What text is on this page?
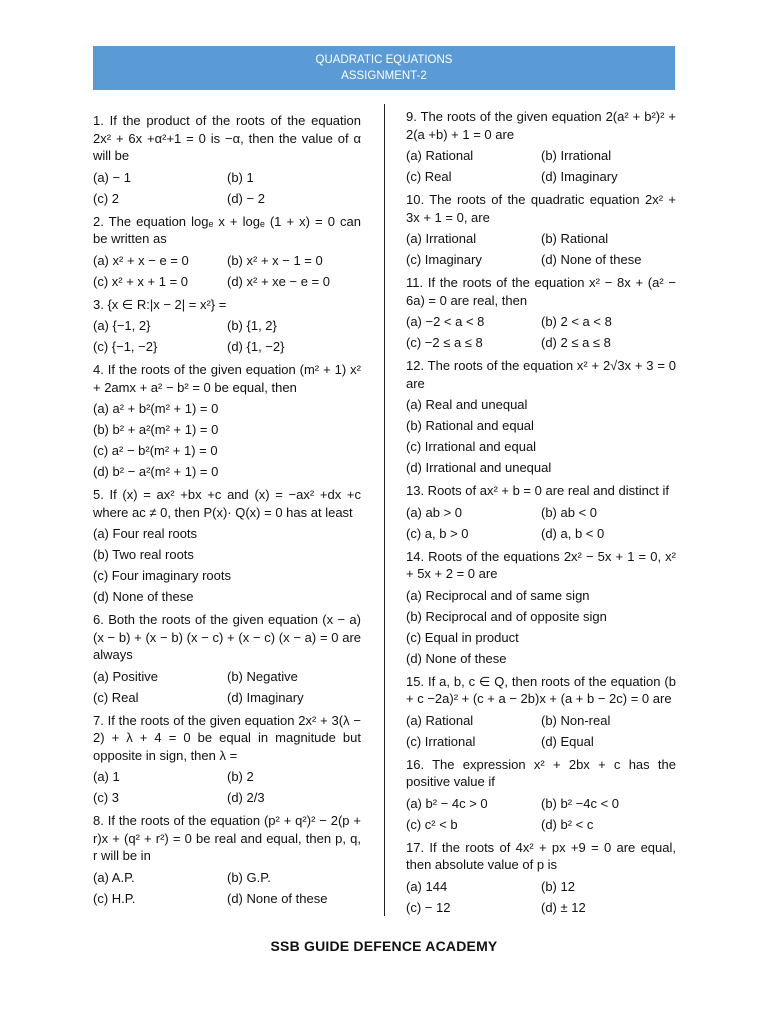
QUADRATIC EQUATIONS
ASSIGNMENT-2

1. If the product of the roots of the equation 2x² + 6x +α²+1 = 0 is −α, then the value of α will be

(a) − 1	(b) 1
(c) 2	(d) − 2

2. The equation logₑ x + logₑ (1 + x) = 0 can be written as

(a) x² + x − e = 0	(b) x² + x − 1 = 0
(c) x² + x + 1 = 0	(d) x² + xe − e = 0

3. {x ∈ R:|x − 2| = x²} =

(a) {−1, 2}	(b) {1, 2}
(c) {−1, −2}	(d) {1, −2}

4. If the roots of the given equation (m² + 1) x² + 2amx + a² − b² = 0 be equal, then

(a) a² + b²(m² + 1) = 0
(b) b² + a²(m² + 1) = 0
(c) a² − b²(m² + 1) = 0
(d) b² − a²(m² + 1) = 0

5. If (x) = ax² +bx +c and (x) = −ax² +dx +c where ac ≠ 0, then P(x)· Q(x) = 0 has at least

(a) Four real roots
(b) Two real roots
(c) Four imaginary roots
(d) None of these

6. Both the roots of the given equation (x − a) (x − b) + (x − b) (x − c) + (x − c) (x − a) = 0 are always

(a) Positive	(b) Negative
(c) Real	(d) Imaginary

7. If the roots of the given equation 2x² + 3(λ − 2) + λ + 4 = 0 be equal in magnitude but opposite in sign, then λ =

(a) 1	(b) 2
(c) 3	(d) 2/3

8. If the roots of the equation (p² + q²)² − 2(p + r)x + (q² + r²) = 0 be real and equal, then p, q, r will be in

(a) A.P.	(b) G.P.
(c) H.P.	(d) None of these

9. The roots of the given equation 2(a² + b²)² + 2(a +b) + 1 = 0 are

(a) Rational	(b) Irrational
(c) Real	(d) Imaginary

10. The roots of the quadratic equation 2x² + 3x + 1 = 0, are

(a) Irrational	(b) Rational
(c) Imaginary	(d) None of these

11. If the roots of the equation x² − 8x + (a² − 6a) = 0 are real, then

(a) −2 < a < 8	(b) 2 < a < 8
(c) −2 ≤ a ≤ 8	(d) 2 ≤ a ≤ 8

12. The roots of the equation x² + 2√3x + 3 = 0 are

(a) Real and unequal
(b) Rational and equal
(c) Irrational and equal
(d) Irrational and unequal

13. Roots of ax² + b = 0 are real and distinct if

(a) ab > 0	(b) ab < 0
(c) a, b > 0	(d) a, b < 0

14. Roots of the equations 2x² − 5x + 1 = 0, x² + 5x + 2 = 0 are

(a) Reciprocal and of same sign
(b) Reciprocal and of opposite sign
(c) Equal in product
(d) None of these

15. If a, b, c ∈ Q, then roots of the equation (b + c −2a)² + (c + a − 2b)x + (a + b − 2c) = 0 are

(a) Rational	(b) Non-real
(c) Irrational	(d) Equal

16. The expression x² + 2bx + c has the positive value if

(a) b² − 4c > 0	(b) b² −4c < 0
(c) c² < b	(d) b² < c

17. If the roots of 4x² + px +9 = 0 are equal, then absolute value of p is

(a) 144	(b) 12
(c) − 12	(d) ± 12
SSB GUIDE DEFENCE ACADEMY
